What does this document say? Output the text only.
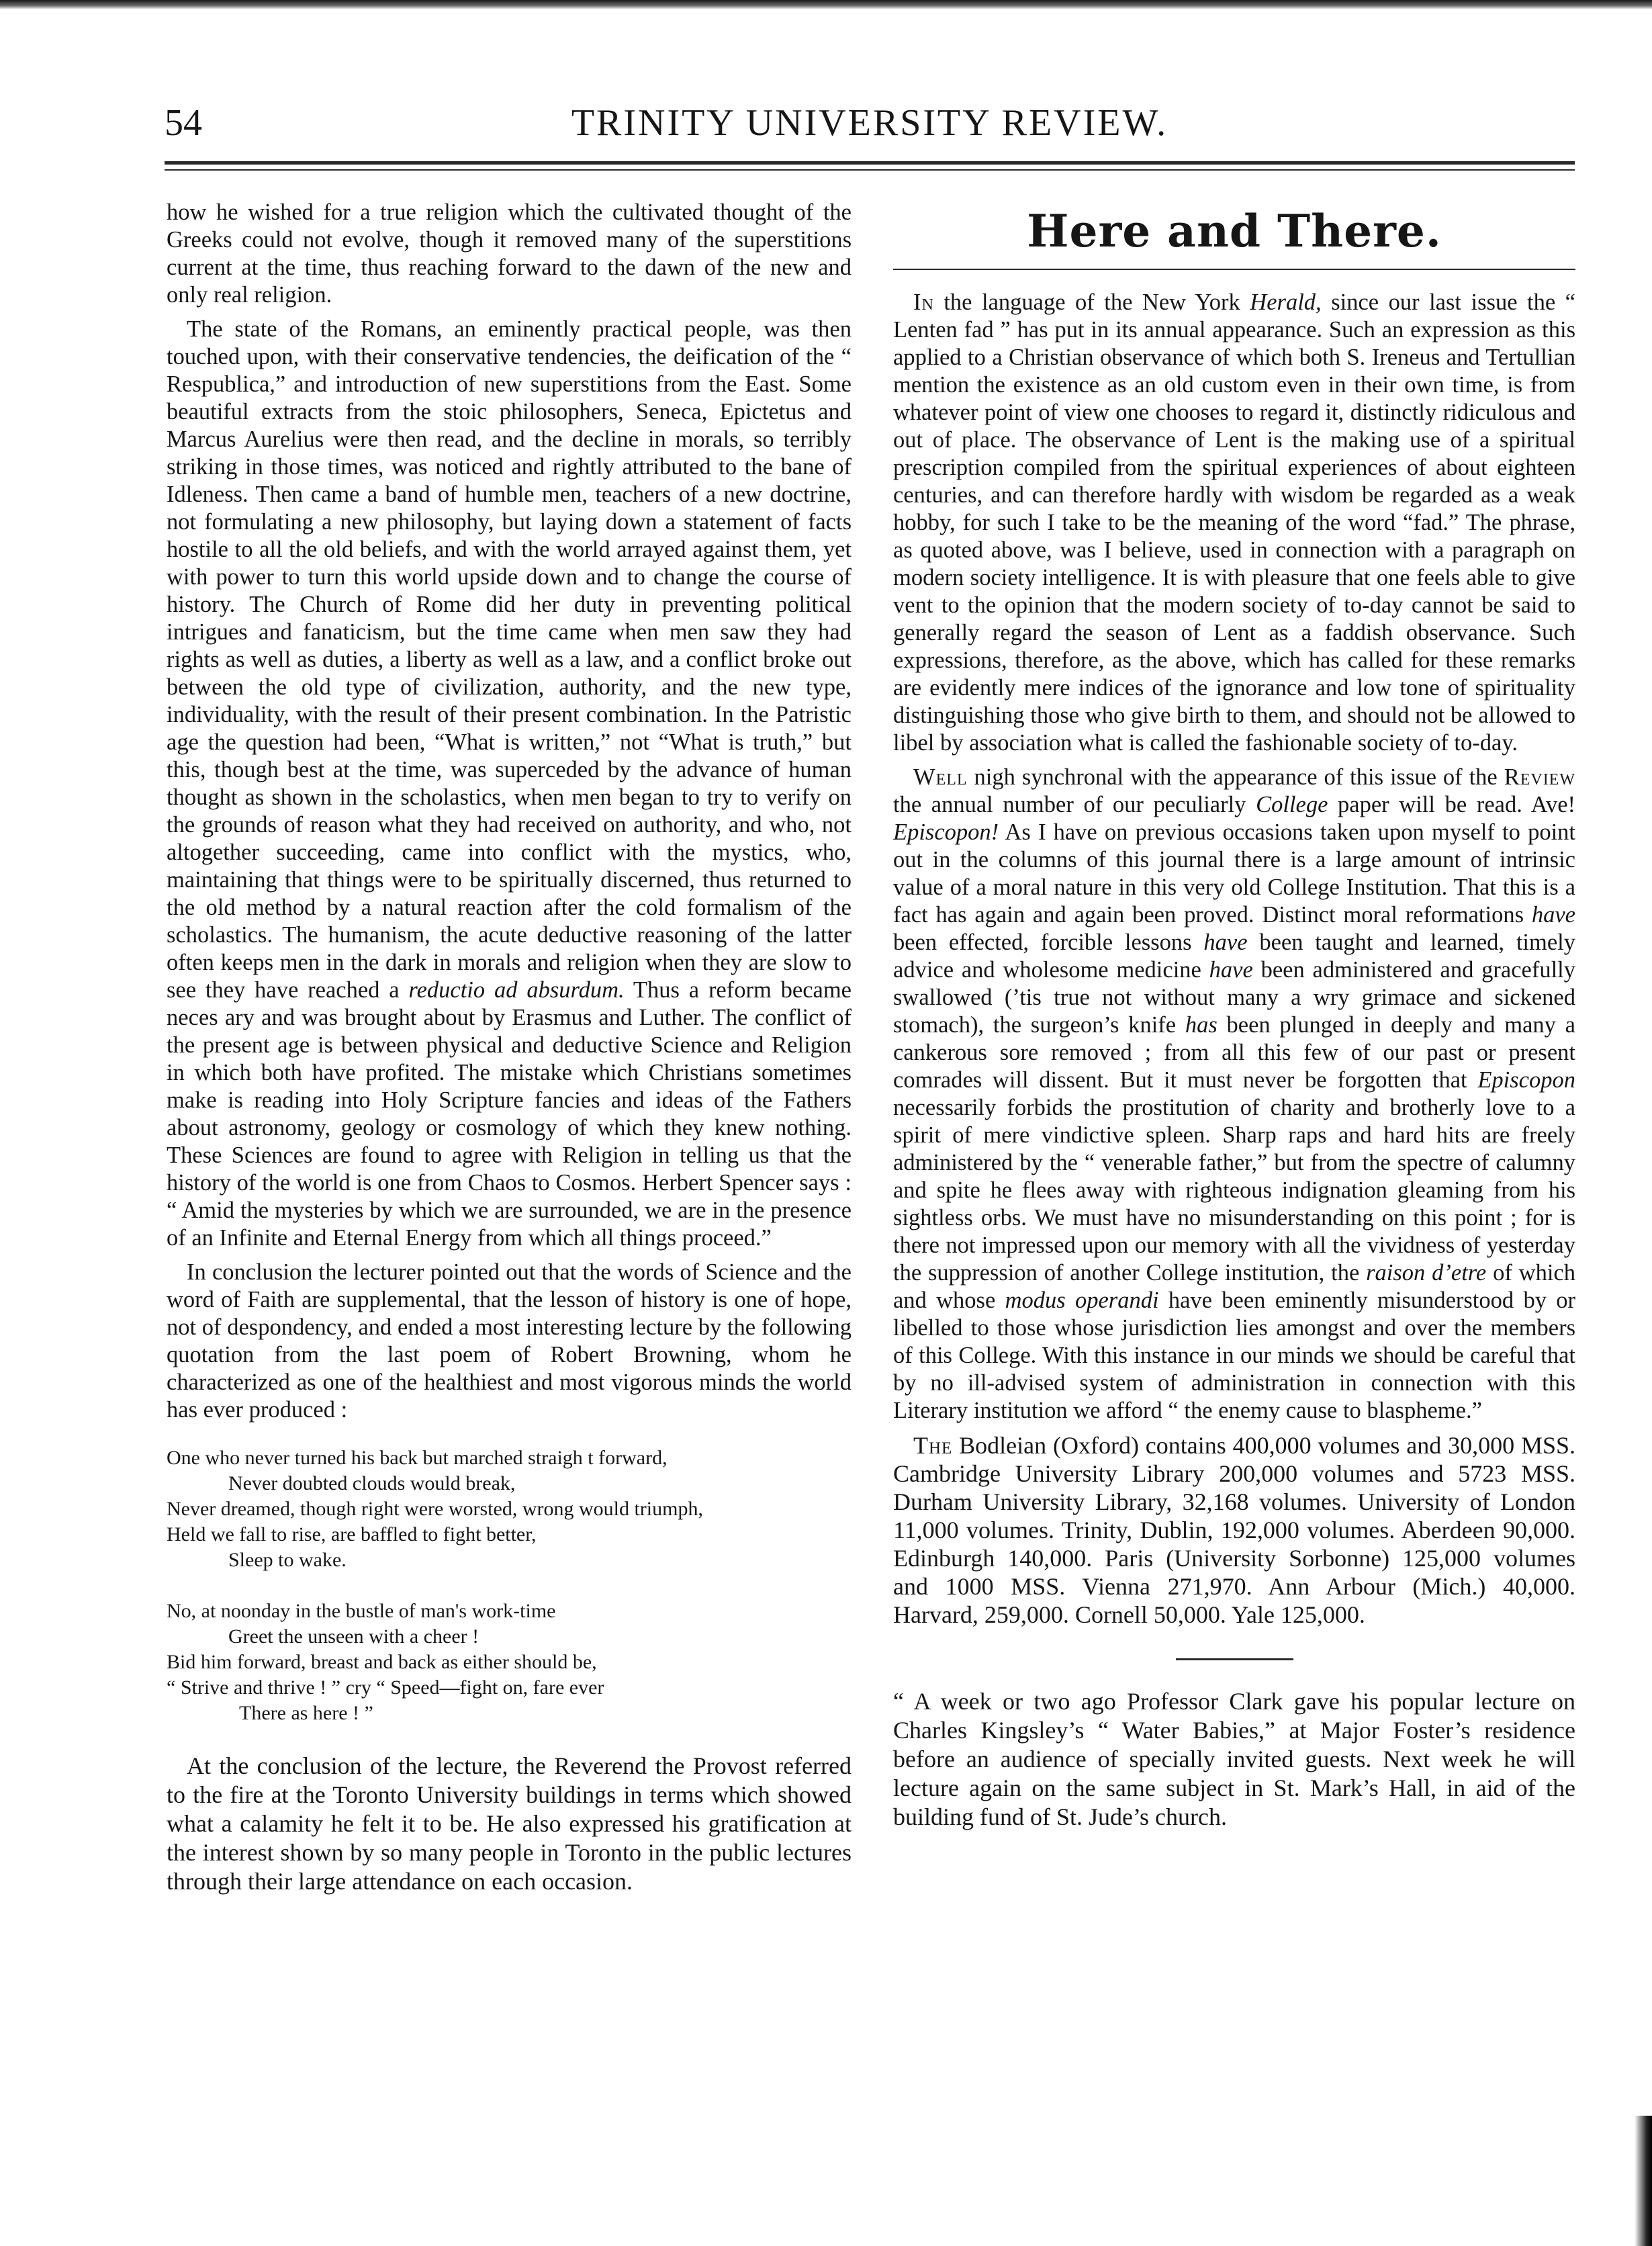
54	TRINITY UNIVERSITY REVIEW.

how he wished for a true religion which the cultivated thought of the Greeks could not evolve, though it removed many of the superstitions current at the time, thus reaching forward to the dawn of the new and only real religion.

The state of the Romans, an eminently practical people, was then touched upon, with their conservative tendencies, the deification of the “ Respublica,” and introduction of new superstitions from the East. Some beautiful extracts from the stoic philosophers, Seneca, Epictetus and Marcus Aurelius were then read, and the decline in morals, so terribly striking in those times, was noticed and rightly attributed to the bane of Idleness. Then came a band of humble men, teachers of a new doctrine, not formulating a new philosophy, but laying down a statement of facts hostile to all the old beliefs, and with the world arrayed against them, yet with power to turn this world upside down and to change the course of history. The Church of Rome did her duty in preventing political intrigues and fanaticism, but the time came when men saw they had rights as well as duties, a liberty as well as a law, and a conflict broke out between the old type of civilization, authority, and the new type, individuality, with the result of their present combination. In the Patristic age the question had been, “What is written,” not “What is truth,” but this, though best at the time, was superceded by the advance of human thought as shown in the scholastics, when men began to try to verify on the grounds of reason what they had received on authority, and who, not altogether succeeding, came into conflict with the mystics, who, maintaining that things were to be spiritually discerned, thus returned to the old method by a natural reaction after the cold formalism of the scholastics. The humanism, the acute deductive reasoning of the latter often keeps men in the dark in morals and religion when they are slow to see they have reached a reductio ad absurdum. Thus a reform became neces ary and was brought about by Erasmus and Luther. The conflict of the present age is between physical and deductive Science and Religion in which both have profited. The mistake which Christians sometimes make is reading into Holy Scripture fancies and ideas of the Fathers about astronomy, geology or cosmology of which they knew nothing. These Sciences are found to agree with Religion in telling us that the history of the world is one from Chaos to Cosmos. Herbert Spencer says : “ Amid the mysteries by which we are surrounded, we are in the presence of an Infinite and Eternal Energy from which all things proceed.”

In conclusion the lecturer pointed out that the words of Science and the word of Faith are supplemental, that the lesson of history is one of hope, not of despondency, and ended a most interesting lecture by the following quotation from the last poem of Robert Browning, whom he characterized as one of the healthiest and most vigorous minds the world has ever produced :

One who never turned his back but marched straigh t forward,
Never doubted clouds would break,
Never dreamed, though right were worsted, wrong would triumph,
Held we fall to rise, are baffled to fight better,
Sleep to wake.
No, at noonday in the bustle of man's work-time
Greet the unseen with a cheer !
Bid him forward, breast and back as either should be,
“ Strive and thrive ! ” cry “ Speed—fight on, fare ever
There as here ! ”

At the conclusion of the lecture, the Reverend the Provost referred to the fire at the Toronto University buildings in terms which showed what a calamity he felt it to be. He also expressed his gratification at the interest shown by so many people in Toronto in the public lectures through their large attendance on each occasion.

Here and There.

In the language of the New York Herald, since our last issue the “ Lenten fad ” has put in its annual appearance. Such an expression as this applied to a Christian observance of which both S. Ireneus and Tertullian mention the existence as an old custom even in their own time, is from whatever point of view one chooses to regard it, distinctly ridiculous and out of place. The observance of Lent is the making use of a spiritual prescription compiled from the spiritual experiences of about eighteen centuries, and can therefore hardly with wisdom be regarded as a weak hobby, for such I take to be the meaning of the word “fad.” The phrase, as quoted above, was I believe, used in connection with a paragraph on modern society intelligence. It is with pleasure that one feels able to give vent to the opinion that the modern society of to-day cannot be said to generally regard the season of Lent as a faddish observance. Such expressions, therefore, as the above, which has called for these remarks are evidently mere indices of the ignorance and low tone of spirituality distinguishing those who give birth to them, and should not be allowed to libel by association what is called the fashionable society of to-day.

Well nigh synchronal with the appearance of this issue of the Review the annual number of our peculiarly College paper will be read. Ave! Episcopon! As I have on previous occasions taken upon myself to point out in the columns of this journal there is a large amount of intrinsic value of a moral nature in this very old College Institution. That this is a fact has again and again been proved. Distinct moral reformations have been effected, forcible lessons have been taught and learned, timely advice and wholesome medicine have been administered and gracefully swallowed (’tis true not without many a wry grimace and sickened stomach), the surgeon’s knife has been plunged in deeply and many a cankerous sore removed ; from all this few of our past or present comrades will dissent. But it must never be forgotten that Episcopon necessarily forbids the prostitution of charity and brotherly love to a spirit of mere vindictive spleen. Sharp raps and hard hits are freely administered by the “ venerable father,” but from the spectre of calumny and spite he flees away with righteous indignation gleaming from his sightless orbs. We must have no misunderstanding on this point ; for is there not impressed upon our memory with all the vividness of yesterday the suppression of another College institution, the raison d’etre of which and whose modus operandi have been eminently misunderstood by or libelled to those whose jurisdiction lies amongst and over the members of this College. With this instance in our minds we should be careful that by no ill-advised system of administration in connection with this Literary institution we afford “ the enemy cause to blaspheme.”

The Bodleian (Oxford) contains 400,000 volumes and 30,000 MSS. Cambridge University Library 200,000 volumes and 5723 MSS. Durham University Library, 32,168 volumes. University of London 11,000 volumes. Trinity, Dublin, 192,000 volumes. Aberdeen 90,000. Edinburgh 140,000. Paris (University Sorbonne) 125,000 volumes and 1000 MSS. Vienna 271,970. Ann Arbour (Mich.) 40,000. Harvard, 259,000. Cornell 50,000. Yale 125,000.

“ A week or two ago Professor Clark gave his popular lecture on Charles Kingsley’s “ Water Babies,” at Major Foster’s residence before an audience of specially invited guests. Next week he will lecture again on the same subject in St. Mark’s Hall, in aid of the building fund of St. Jude’s church.
